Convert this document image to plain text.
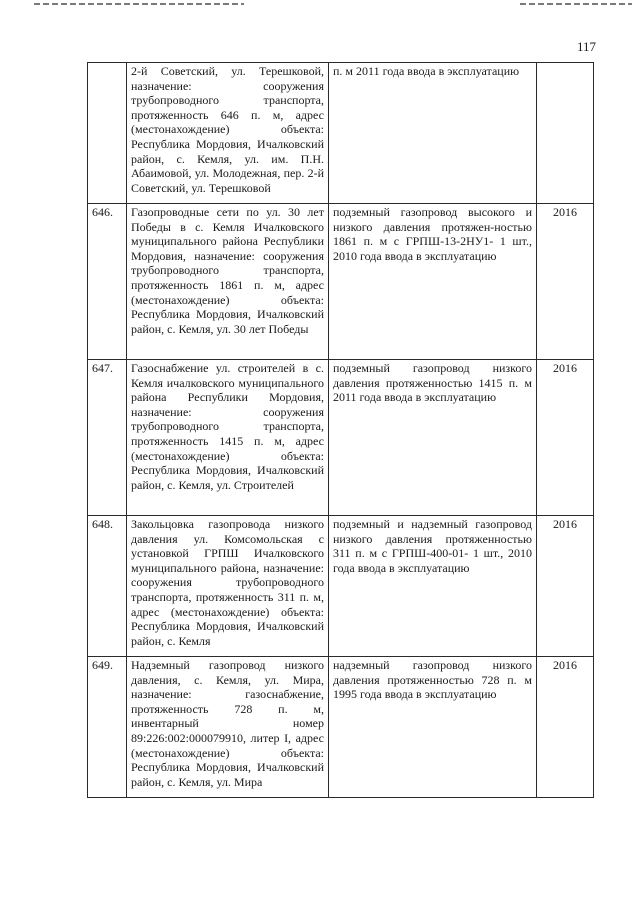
117
	2-й Советский, ул. Терешковой, назначение: сооружения трубопроводного транспорта, протяженность 646 п. м, адрес (местонахождение) объекта: Республика Мордовия, Ичалковский район, с. Кемля, ул. им. П.Н. Абаимовой, ул. Молодежная, пер. 2-й Советский, ул. Терешковой	п. м 2011 года ввода в эксплуатацию	
646.	Газопроводные сети по ул. 30 лет Победы в с. Кемля Ичалковского муниципального района Республики Мордовия, назначение: сооружения трубопроводного транспорта, протяженность 1861 п. м, адрес (местонахождение) объекта: Республика Мордовия, Ичалковский район, с. Кемля, ул. 30 лет Победы	подземный газопровод высокого и низкого давления протяжен-ностью 1861 п. м с ГРПШ-13-2НУ1- 1 шт., 2010 года ввода в эксплуатацию	2016
647.	Газоснабжение ул. строителей в с. Кемля ичалковского муниципального района Республики Мордовия, назначение: сооружения трубопроводного транспорта, протяженность 1415 п. м, адрес (местонахождение) объекта: Республика Мордовия, Ичалковский район, с. Кемля, ул. Строителей	подземный газопровод низкого давления протяженностью 1415 п. м 2011 года ввода в эксплуатацию	2016
648.	Закольцовка газопровода низкого давления ул. Комсомольская с установкой ГРПШ Ичалковского муниципального района, назначение: сооружения трубопроводного транспорта, протяженность 311 п. м, адрес (местонахождение) объекта: Республика Мордовия, Ичалковский район, с. Кемля	подземный и надземный газопровод низкого давления протяженностью 311 п. м с ГРПШ-400-01- 1 шт., 2010 года ввода в эксплуатацию	2016
649.	Надземный газопровод низкого давления, с. Кемля, ул. Мира, назначение: газоснабжение, протяженность 728 п. м, инвентарный номер 89:226:002:000079910, литер I, адрес (местонахождение) объекта: Республика Мордовия, Ичалковский район, с. Кемля, ул. Мира	надземный газопровод низкого давления протяженностью 728 п. м 1995 года ввода в эксплуатацию	2016
